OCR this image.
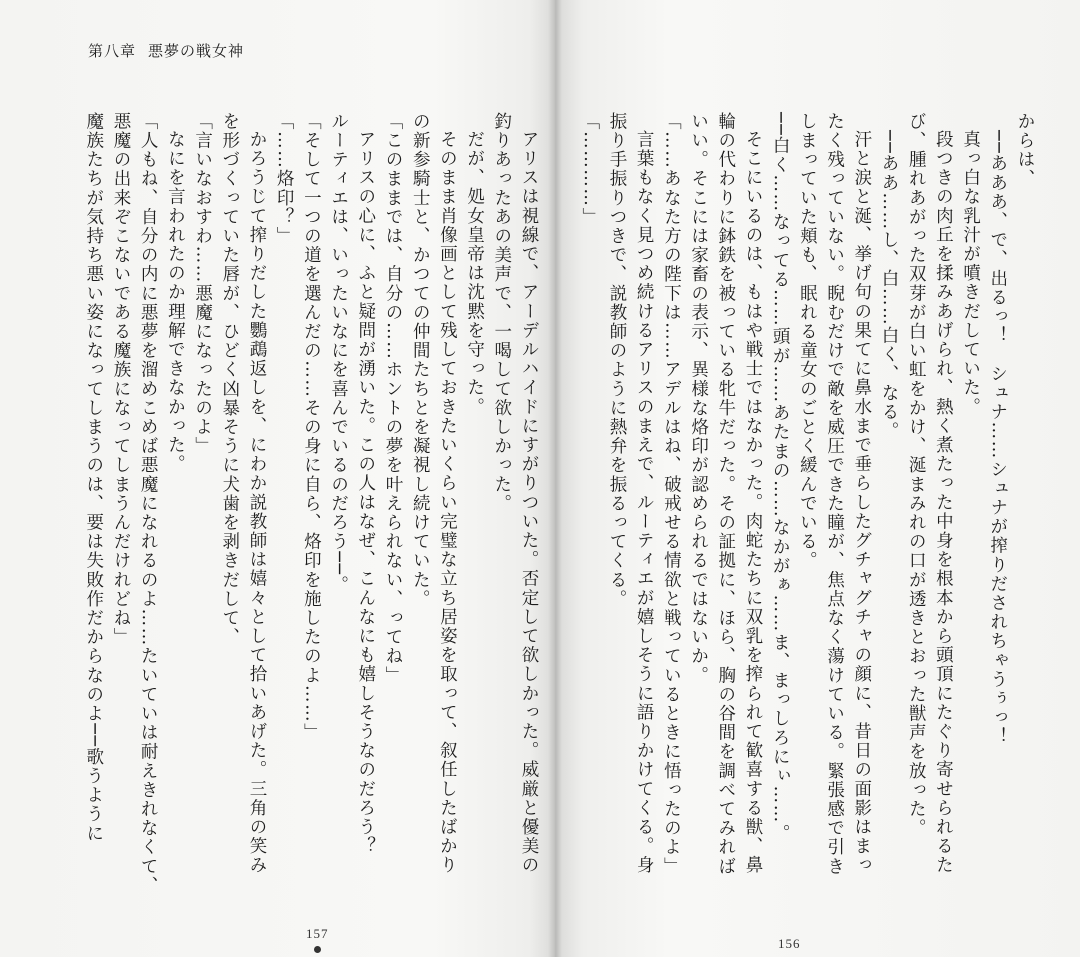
第八章 悪夢の戦女神
アリスは視線で、アーデルハイドにすがりついた。否定して欲しかった。威厳と優美の
釣りあったあの美声で、一喝して欲しかった。
だが、処女皇帝は沈黙を守った。
そのまま肖像画として残しておきたいくらい完璧な立ち居姿を取って、叙任したばかり
の新参騎士と、かつての仲間たちとを凝視し続けていた。
「このままでは、自分の……ホントの夢を叶えられない、ってね」
アリスの心に、ふと疑問が湧いた。この人はなぜ、こんなにも嬉しそうなのだろう？
ルーティエは、いったいなにを喜んでいるのだろう──。
「そして一つの道を選んだの……その身に自ら、烙印を施したのよ……」
「……烙印？」
かろうじて搾りだした鸚鵡返しを、にわか説教師は嬉々として拾いあげた。三角の笑み
を形づくっていた唇が、ひどく凶暴そうに犬歯を剥きだして、
「言いなおすわ……悪魔になったのよ」
なにを言われたのか理解できなかった。
「人もね、自分の内に悪夢を溜めこめば悪魔になれるのよ……たいていは耐えきれなくて、
悪魔の出来ぞこないである魔族になってしまうんだけれどね」
魔族たちが気持ち悪い姿になってしまうのは、要は失敗作だからなのよ──歌うように
157
からは、
──あああ、で、出るっ！　シュナ……シュナが搾りだされちゃうぅっ！
真っ白な乳汁が噴きだしていた。
段つきの肉丘を揉みあげられ、熱く煮たった中身を根本から頭頂にたぐり寄せられるた
び、腫れあがった双芽が白い虹をかけ、涎まみれの口が透きとおった獣声を放った。
──ああ……し、白……白く、なる。
汗と涙と涎、挙げ句の果てに鼻水まで垂らしたグチャグチャの顔に、昔日の面影はまっ
たく残っていない。睨むだけで敵を威圧できた瞳が、焦点なく蕩けている。緊張感で引き
しまっていた頬も、眠れる童女のごとく緩んでいる。
──白く……なってる……頭が……あたまの……なかがぁ……ま、まっしろにぃ……。
そこにいるのは、もはや戦士ではなかった。肉蛇たちに双乳を搾られて歓喜する獣、鼻
輪の代わりに鉢鉄を被っている牝牛だった。その証拠に、ほら、胸の谷間を調べてみれば
いい。そこには家畜の表示、異様な烙印が認められるではないか。
「……あなた方の陛下は……アデルはね、破戒せる情欲と戦っているときに悟ったのよ」
言葉もなく見つめ続けるアリスのまえで、ルーティエが嬉しそうに語りかけてくる。身
振り手振りつきで、説教師のように熱弁を振るってくる。
「…………」
156
